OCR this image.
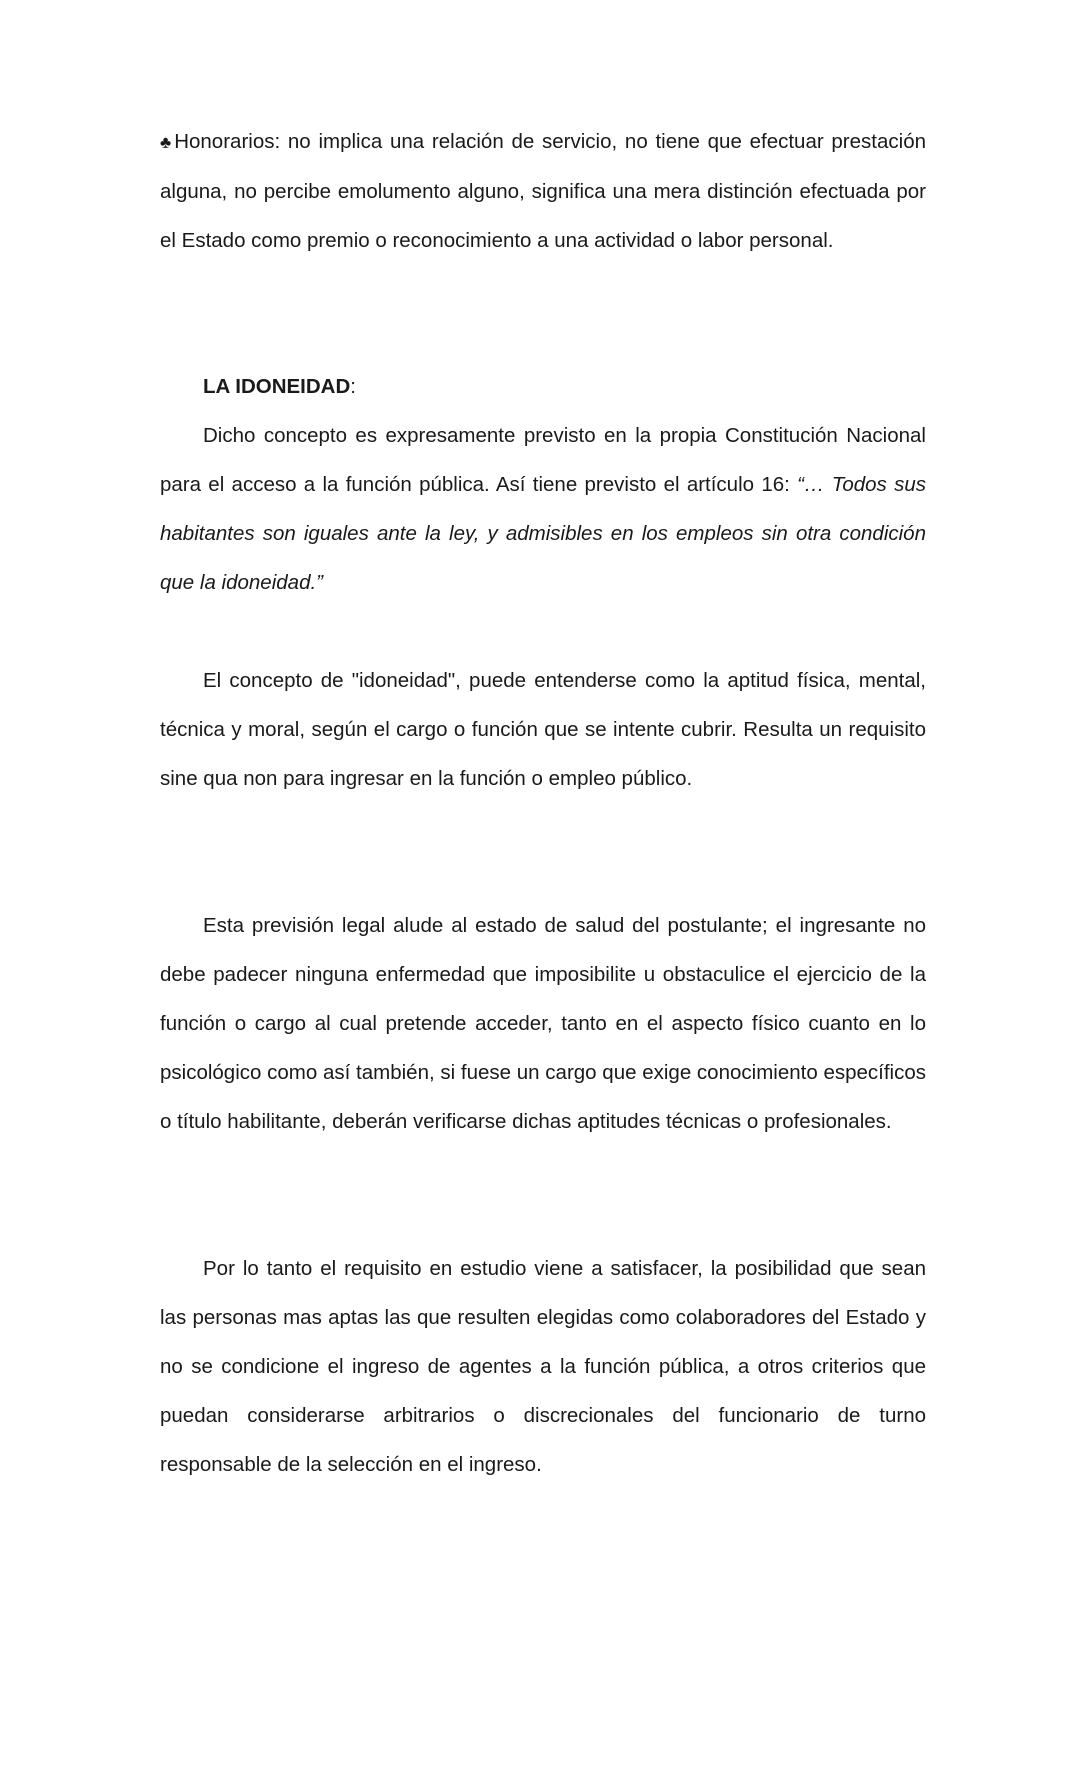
♣Honorarios: no implica una relación de servicio, no tiene que efectuar prestación alguna, no percibe emolumento alguno, significa una mera distinción efectuada por el Estado como premio o reconocimiento a una actividad o labor personal.

LA IDONEIDAD:

Dicho concepto es expresamente previsto en la propia Constitución Nacional para el acceso a la función pública. Así tiene previsto el artículo 16: “… Todos sus habitantes son iguales ante la ley, y admisibles en los empleos sin otra condición que la idoneidad.”

El concepto de "idoneidad", puede entenderse como la aptitud física, mental, técnica y moral, según el cargo o función que se intente cubrir. Resulta un requisito sine qua non para ingresar en la función o empleo público.

Esta previsión legal alude al estado de salud del postulante; el ingresante no debe padecer ninguna enfermedad que imposibilite u obstaculice el ejercicio de la función o cargo al cual pretende acceder, tanto en el aspecto físico cuanto en lo psicológico como así también, si fuese un cargo que exige conocimiento específicos o título habilitante, deberán verificarse dichas aptitudes técnicas o profesionales.

Por lo tanto el requisito en estudio viene a satisfacer, la posibilidad que sean las personas mas aptas las que resulten elegidas como colaboradores del Estado y no se condicione el ingreso de agentes a la función pública, a otros criterios que puedan considerarse arbitrarios o discrecionales del funcionario de turno responsable de la selección en el ingreso.
